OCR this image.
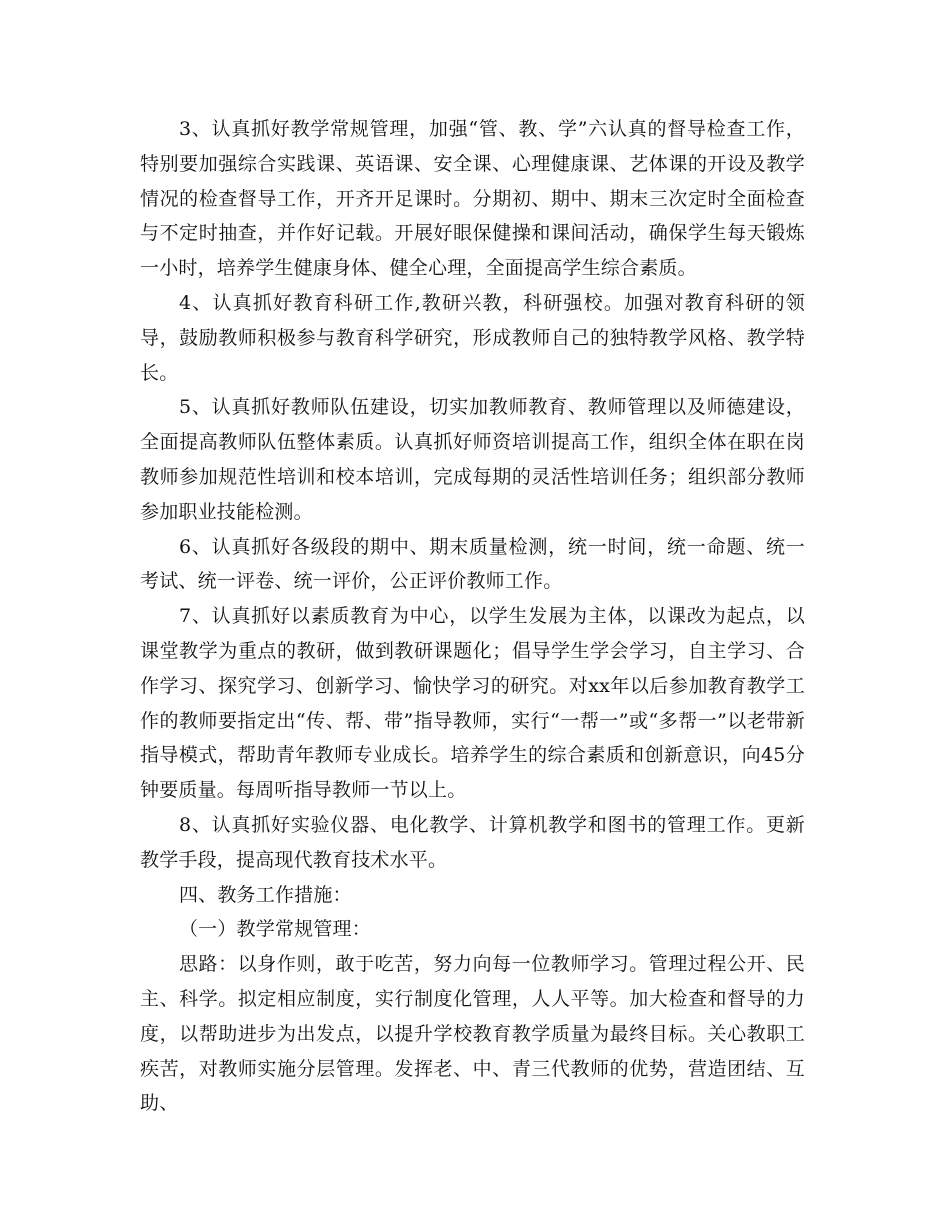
3、认真抓好教学常规管理，加强“管、教、学”六认真的督导检查工作，特别要加强综合实践课、英语课、安全课、心理健康课、艺体课的开设及教学情况的检查督导工作，开齐开足课时。分期初、期中、期末三次定时全面检查与不定时抽查，并作好记载。开展好眼保健操和课间活动，确保学生每天锻炼一小时，培养学生健康身体、健全心理，全面提高学生综合素质。

4、认真抓好教育科研工作,教研兴教，科研强校。加强对教育科研的领导，鼓励教师积极参与教育科学研究，形成教师自己的独特教学风格、教学特长。

5、认真抓好教师队伍建设，切实加教师教育、教师管理以及师德建设，全面提高教师队伍整体素质。认真抓好师资培训提高工作，组织全体在职在岗教师参加规范性培训和校本培训，完成每期的灵活性培训任务；组织部分教师参加职业技能检测。

6、认真抓好各级段的期中、期末质量检测，统一时间，统一命题、统一考试、统一评卷、统一评价，公正评价教师工作。

7、认真抓好以素质教育为中心，以学生发展为主体，以课改为起点，以课堂教学为重点的教研，做到教研课题化；倡导学生学会学习，自主学习、合作学习、探究学习、创新学习、愉快学习的研究。对xx年以后参加教育教学工作的教师要指定出“传、帮、带”指导教师，实行“一帮一”或“多帮一”以老带新指导模式，帮助青年教师专业成长。培养学生的综合素质和创新意识，向45分钟要质量。每周听指导教师一节以上。

8、认真抓好实验仪器、电化教学、计算机教学和图书的管理工作。更新教学手段，提高现代教育技术水平。

四、教务工作措施：

（一）教学常规管理：

思路：以身作则，敢于吃苦，努力向每一位教师学习。管理过程公开、民主、科学。拟定相应制度，实行制度化管理，人人平等。加大检查和督导的力度，以帮助进步为出发点，以提升学校教育教学质量为最终目标。关心教职工疾苦，对教师实施分层管理。发挥老、中、青三代教师的优势，营造团结、互助、
